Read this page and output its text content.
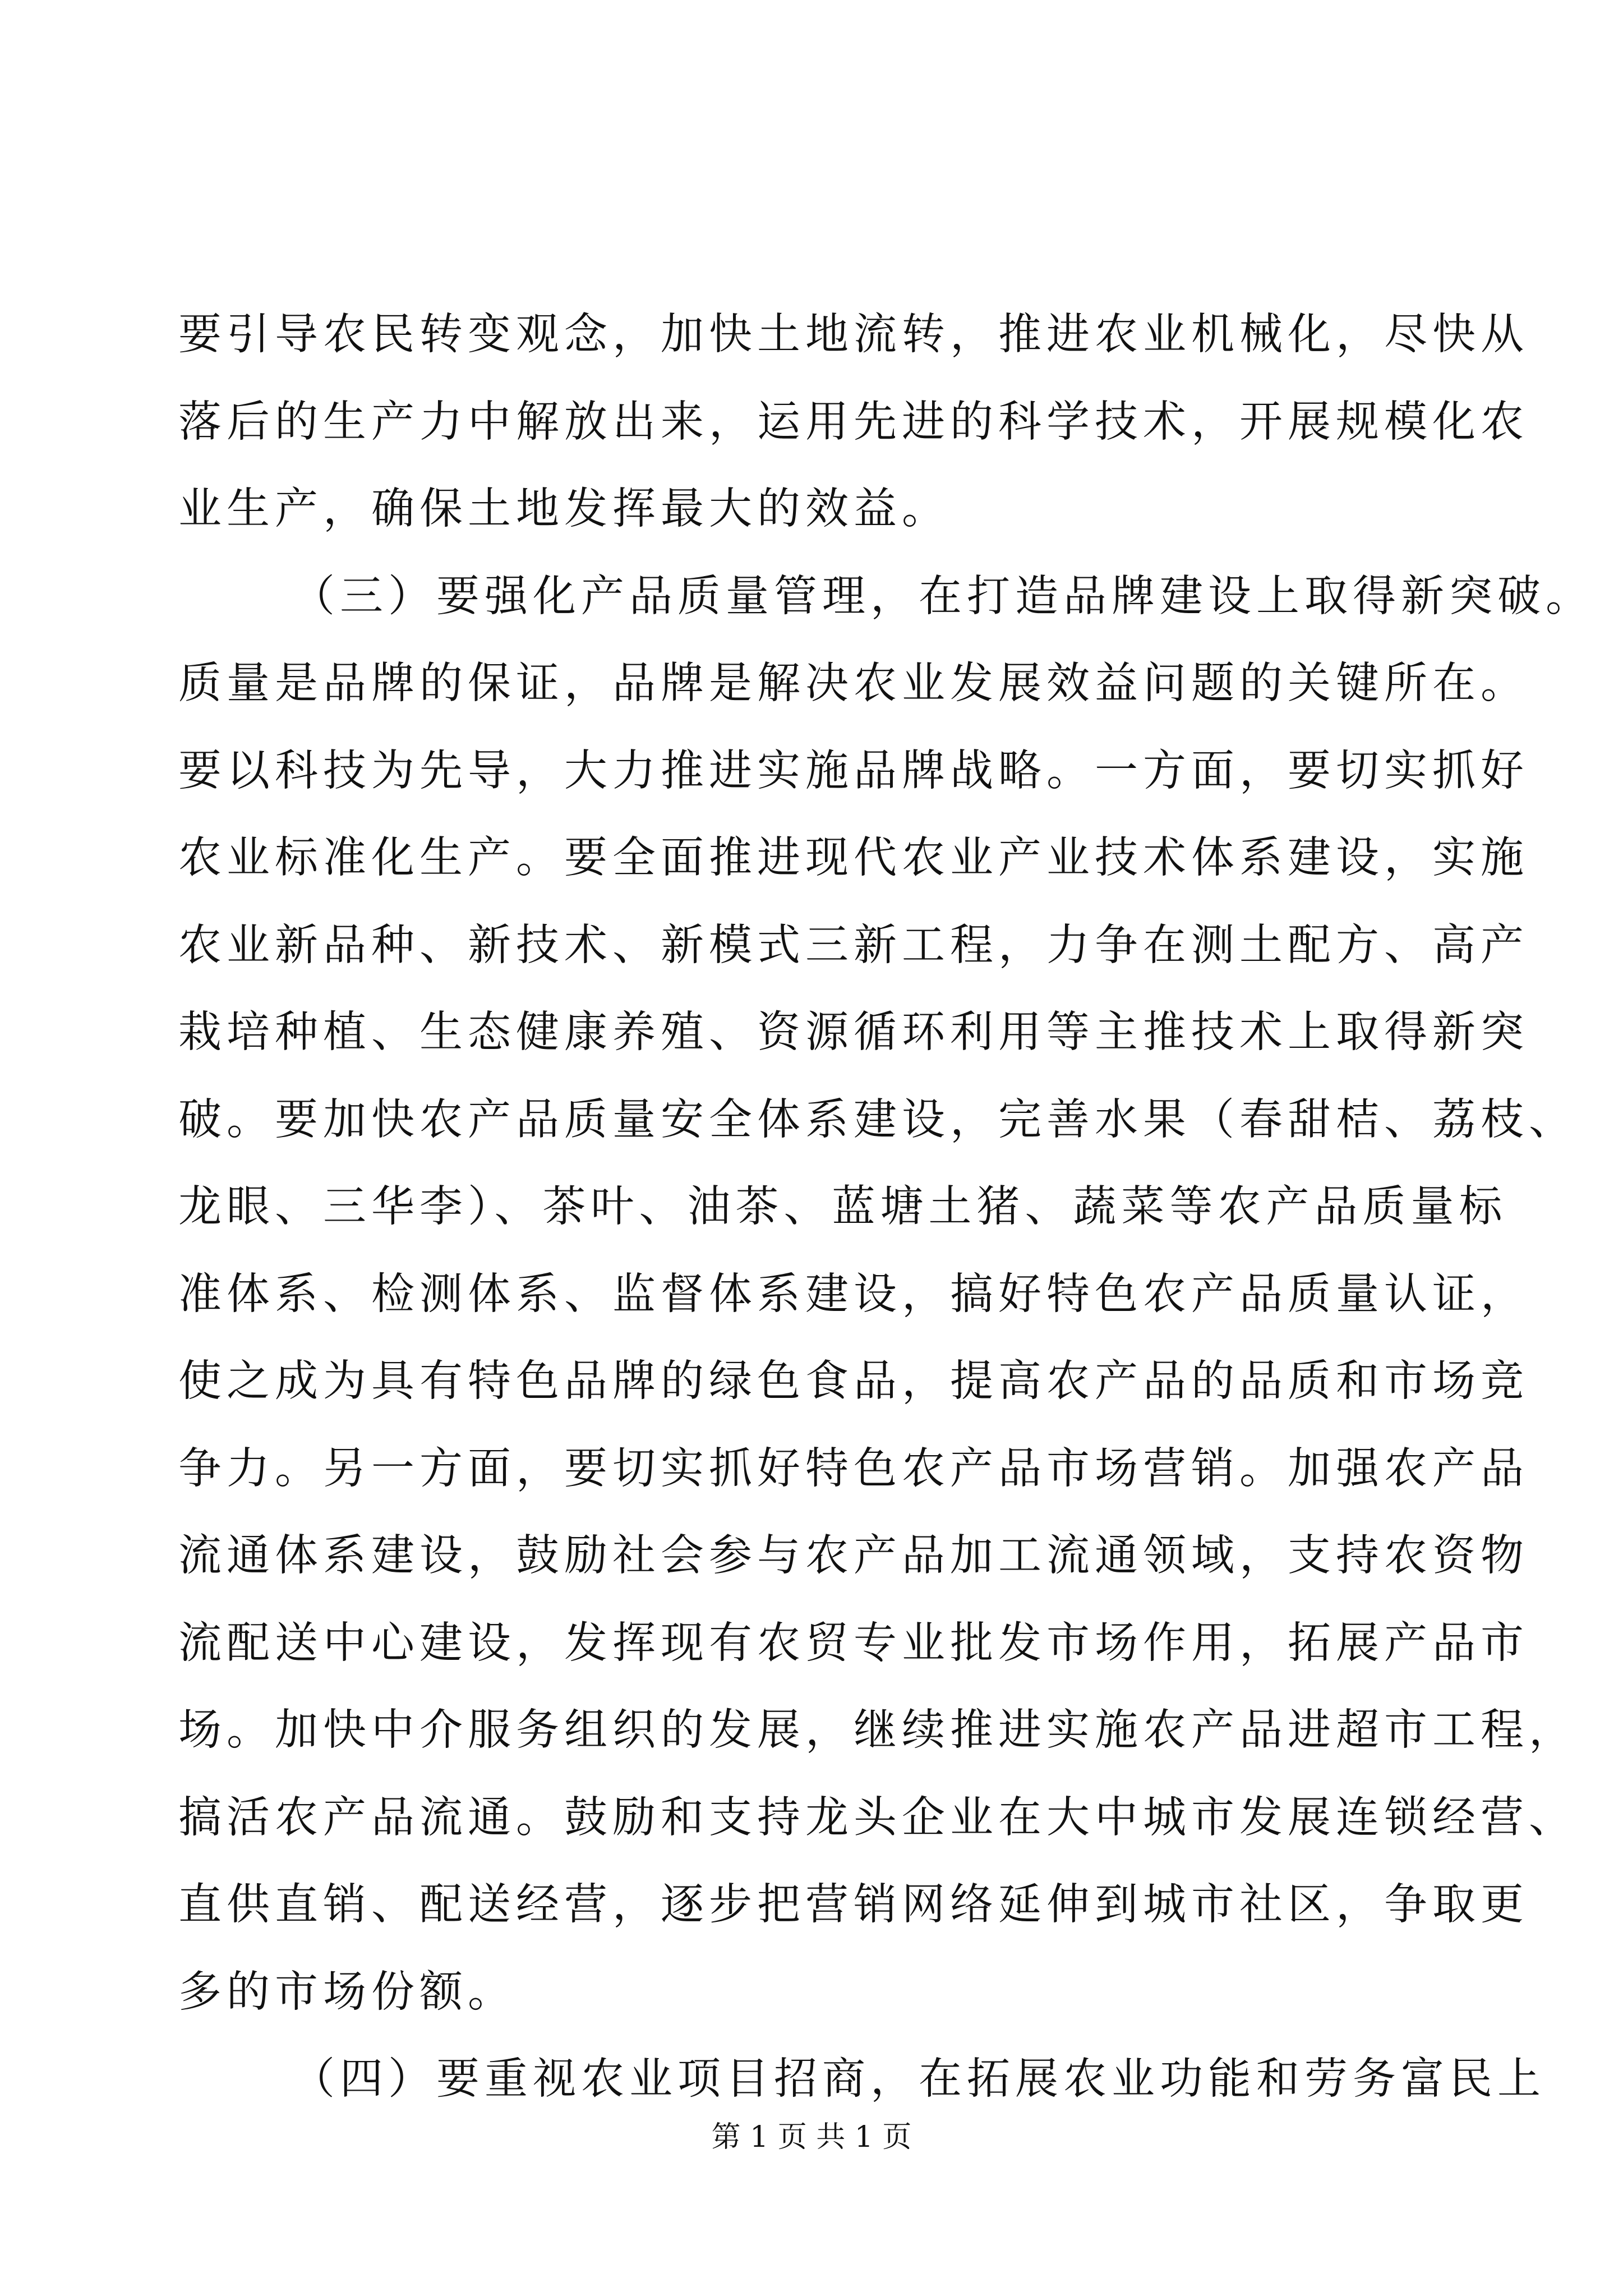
要引导农民转变观念，加快土地流转，推进农业机械化，尽快从
落后的生产力中解放出来，运用先进的科学技术，开展规模化农
业生产，确保土地发挥最大的效益。
（三）要强化产品质量管理，在打造品牌建设上取得新突破。
质量是品牌的保证，品牌是解决农业发展效益问题的关键所在。
要以科技为先导，大力推进实施品牌战略。一方面，要切实抓好
农业标准化生产。要全面推进现代农业产业技术体系建设，实施
农业新品种、新技术、新模式三新工程，力争在测土配方、高产
栽培种植、生态健康养殖、资源循环利用等主推技术上取得新突
破。要加快农产品质量安全体系建设，完善水果（春甜桔、荔枝、
龙眼、三华李）、茶叶、油茶、蓝塘土猪、蔬菜等农产品质量标
准体系、检测体系、监督体系建设，搞好特色农产品质量认证，
使之成为具有特色品牌的绿色食品，提高农产品的品质和市场竞
争力。另一方面，要切实抓好特色农产品市场营销。加强农产品
流通体系建设，鼓励社会参与农产品加工流通领域，支持农资物
流配送中心建设，发挥现有农贸专业批发市场作用，拓展产品市
场。加快中介服务组织的发展，继续推进实施农产品进超市工程，
搞活农产品流通。鼓励和支持龙头企业在大中城市发展连锁经营、
直供直销、配送经营，逐步把营销网络延伸到城市社区，争取更
多的市场份额。
（四）要重视农业项目招商，在拓展农业功能和劳务富民上
第 1 页 共 1 页
